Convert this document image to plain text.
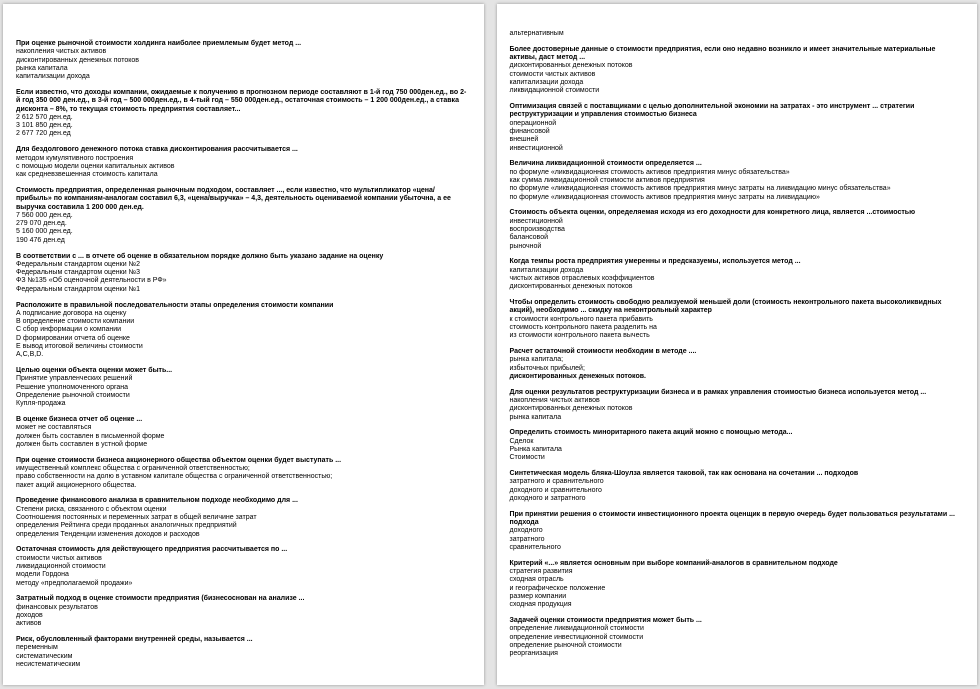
При оценке рыночной стоимости холдинга наиболее приемлемым будет метод ...
накопления чистых активов
дисконтированных денежных потоков
рынка капитала
капитализации дохода
Если известно, что доходы компании, ожидаемые к получению в прогнозном периоде составляют в 1-й год 750 000ден.ед., во 2-й год 350 000 ден.ед., в 3-й год – 500 000ден.ед., в 4-тый год – 550 000ден.ед., остаточная стоимость – 1 200 000ден.ед., а ставка дисконта – 8%, то текущая стоимость предприятия составляет...
2 612 570 ден.ед.
3 101 850 ден.ед.
2 677 720 ден.ед
Для бездолгового денежного потока ставка дисконтирования рассчитывается ...
методом кумулятивного построения
с помощью модели оценки капитальных активов
как средневзвешенная стоимость капитала
Стоимость предприятия, определенная рыночным подходом, составляет ..., если известно, что мультипликатор «цена/прибыль» по компаниям-аналогам составил 6,3, «цена/выручка» – 4,3, деятельность оцениваемой компании убыточна, а ее выручка составила 1 200 000 ден.ед.
7 560 000 ден.ед.
279 070 ден.ед.
5 160 000 ден.ед.
190 476 ден.ед
В соответствии с ... в отчете об оценке в обязательном порядке должно быть указано задание на оценку
Федеральным стандартом оценки №2
Федеральным стандартом оценки №3
ФЗ №135 «Об оценочной деятельности в РФ»
Федеральным стандартом оценки №1
Расположите в правильной последовательности этапы определения стоимости компании
А подписание договора на оценку
В определение стоимости компании
С сбор информации о компании
D формировании отчета об оценке
Е вывод итоговой величины стоимости
А,С,B,D.
Целью оценки объекта оценки может быть...
Принятие управленческих решений
Решение уполномоченного органа
Определение рыночной стоимости
Купля-продажа
В оценке бизнеса отчет об оценке ...
может не составляться
должен быть составлен в письменной форме
должен быть составлен в устной форме
При оценке стоимости бизнеса акционерного общества объектом оценки будет выступать ...
имущественный комплекс общества с ограниченной ответственностью;
право собственности на долю в уставном капитале общества с ограниченной ответственностью;
пакет акций акционерного общества.
Проведение финансового анализа в сравнительном подходе необходимо для ...
Степени риска, связанного с объектом оценки
Соотношения постоянных и переменных затрат в общей величине затрат
определения Рейтинга среди проданных аналогичных предприятий
определения Тенденции изменения доходов и расходов
Остаточная стоимость для действующего предприятия рассчитывается по ...
стоимости чистых активов
ликвидационной стоимости
модели Гордона
методу «предполагаемой продажи»
Затратный подход в оценке стоимости предприятия (бизнесоснован на анализе ...
финансовых результатов
доходов
активов
Риск, обусловленный факторами внутренней среды, называется ...
переменным
систематическим
несистематическим
альтернативным
Более достоверные данные о стоимости предприятия, если оно недавно возникло и имеет значительные материальные активы, даст метод ...
дисконтированных денежных потоков
стоимости чистых активов
капитализации дохода
ликвидационной стоимости
Оптимизация связей с поставщиками с целью дополнительной экономии на затратах - это инструмент ... стратегии реструктуризации и управления стоимостью бизнеса
операционной
финансовой
внешней
инвестиционной
Величина ликвидационной стоимости определяется ...
по формуле «ликвидационная стоимость активов предприятия минус обязательства»
как сумма ликвидационной стоимости активов предприятия
по формуле «ликвидационная стоимость активов предприятия минус затраты на ликвидацию минус обязательства»
по формуле «ликвидационная стоимость активов предприятия минус затраты на ликвидацию»
Стоимость объекта оценки, определяемая исходя из его доходности для конкретного лица, является ...стоимостью
инвестиционной
воспроизводства
балансовой
рыночной
Когда темпы роста предприятия умеренны и предсказуемы, используется метод ...
капитализации дохода
чистых активов отраслевых коэффициентов
дисконтированных денежных потоков
Чтобы определить стоимость свободно реализуемой меньшей доли (стоимость неконтрольного пакета высоколиквидных акций), необходимо ... скидку на неконтрольный характер
к стоимости контрольного пакета прибавить
стоимость контрольного пакета разделить на
из стоимости контрольного пакета вычесть
Расчет остаточной стоимости необходим в методе ....
рынка капитала;
избыточных прибылей;
дисконтированных денежных потоков.
Для оценки результатов реструктуризации бизнеса и в рамках управления стоимостью бизнеса используется метод ...
накопления чистых активов
дисконтированных денежных потоков
рынка капитала
Определить стоимость миноритарного пакета акций можно с помощью метода...
Сделок
Рынка капитала
Стоимости
Синтетическая модель бляка-Шоулза является таковой, так как основана на сочетании ... подходов
затратного и сравнительного
доходного и сравнительного
доходного и затратного
При принятии решения о стоимости инвестиционного проекта оценщик в первую очередь будет пользоваться результатами ... подхода
доходного
затратного
сравнительного
Критерий «...» является основным при выборе компаний-аналогов в сравнительном подходе
стратегия развития
сходная отрасль
и географическое положение
размер компании
сходная продукция
Задачей оценки стоимости предприятия может быть ...
определение ликвидационной стоимости
определение инвестиционной стоимости
определение рыночной стоимости
реорганизация
